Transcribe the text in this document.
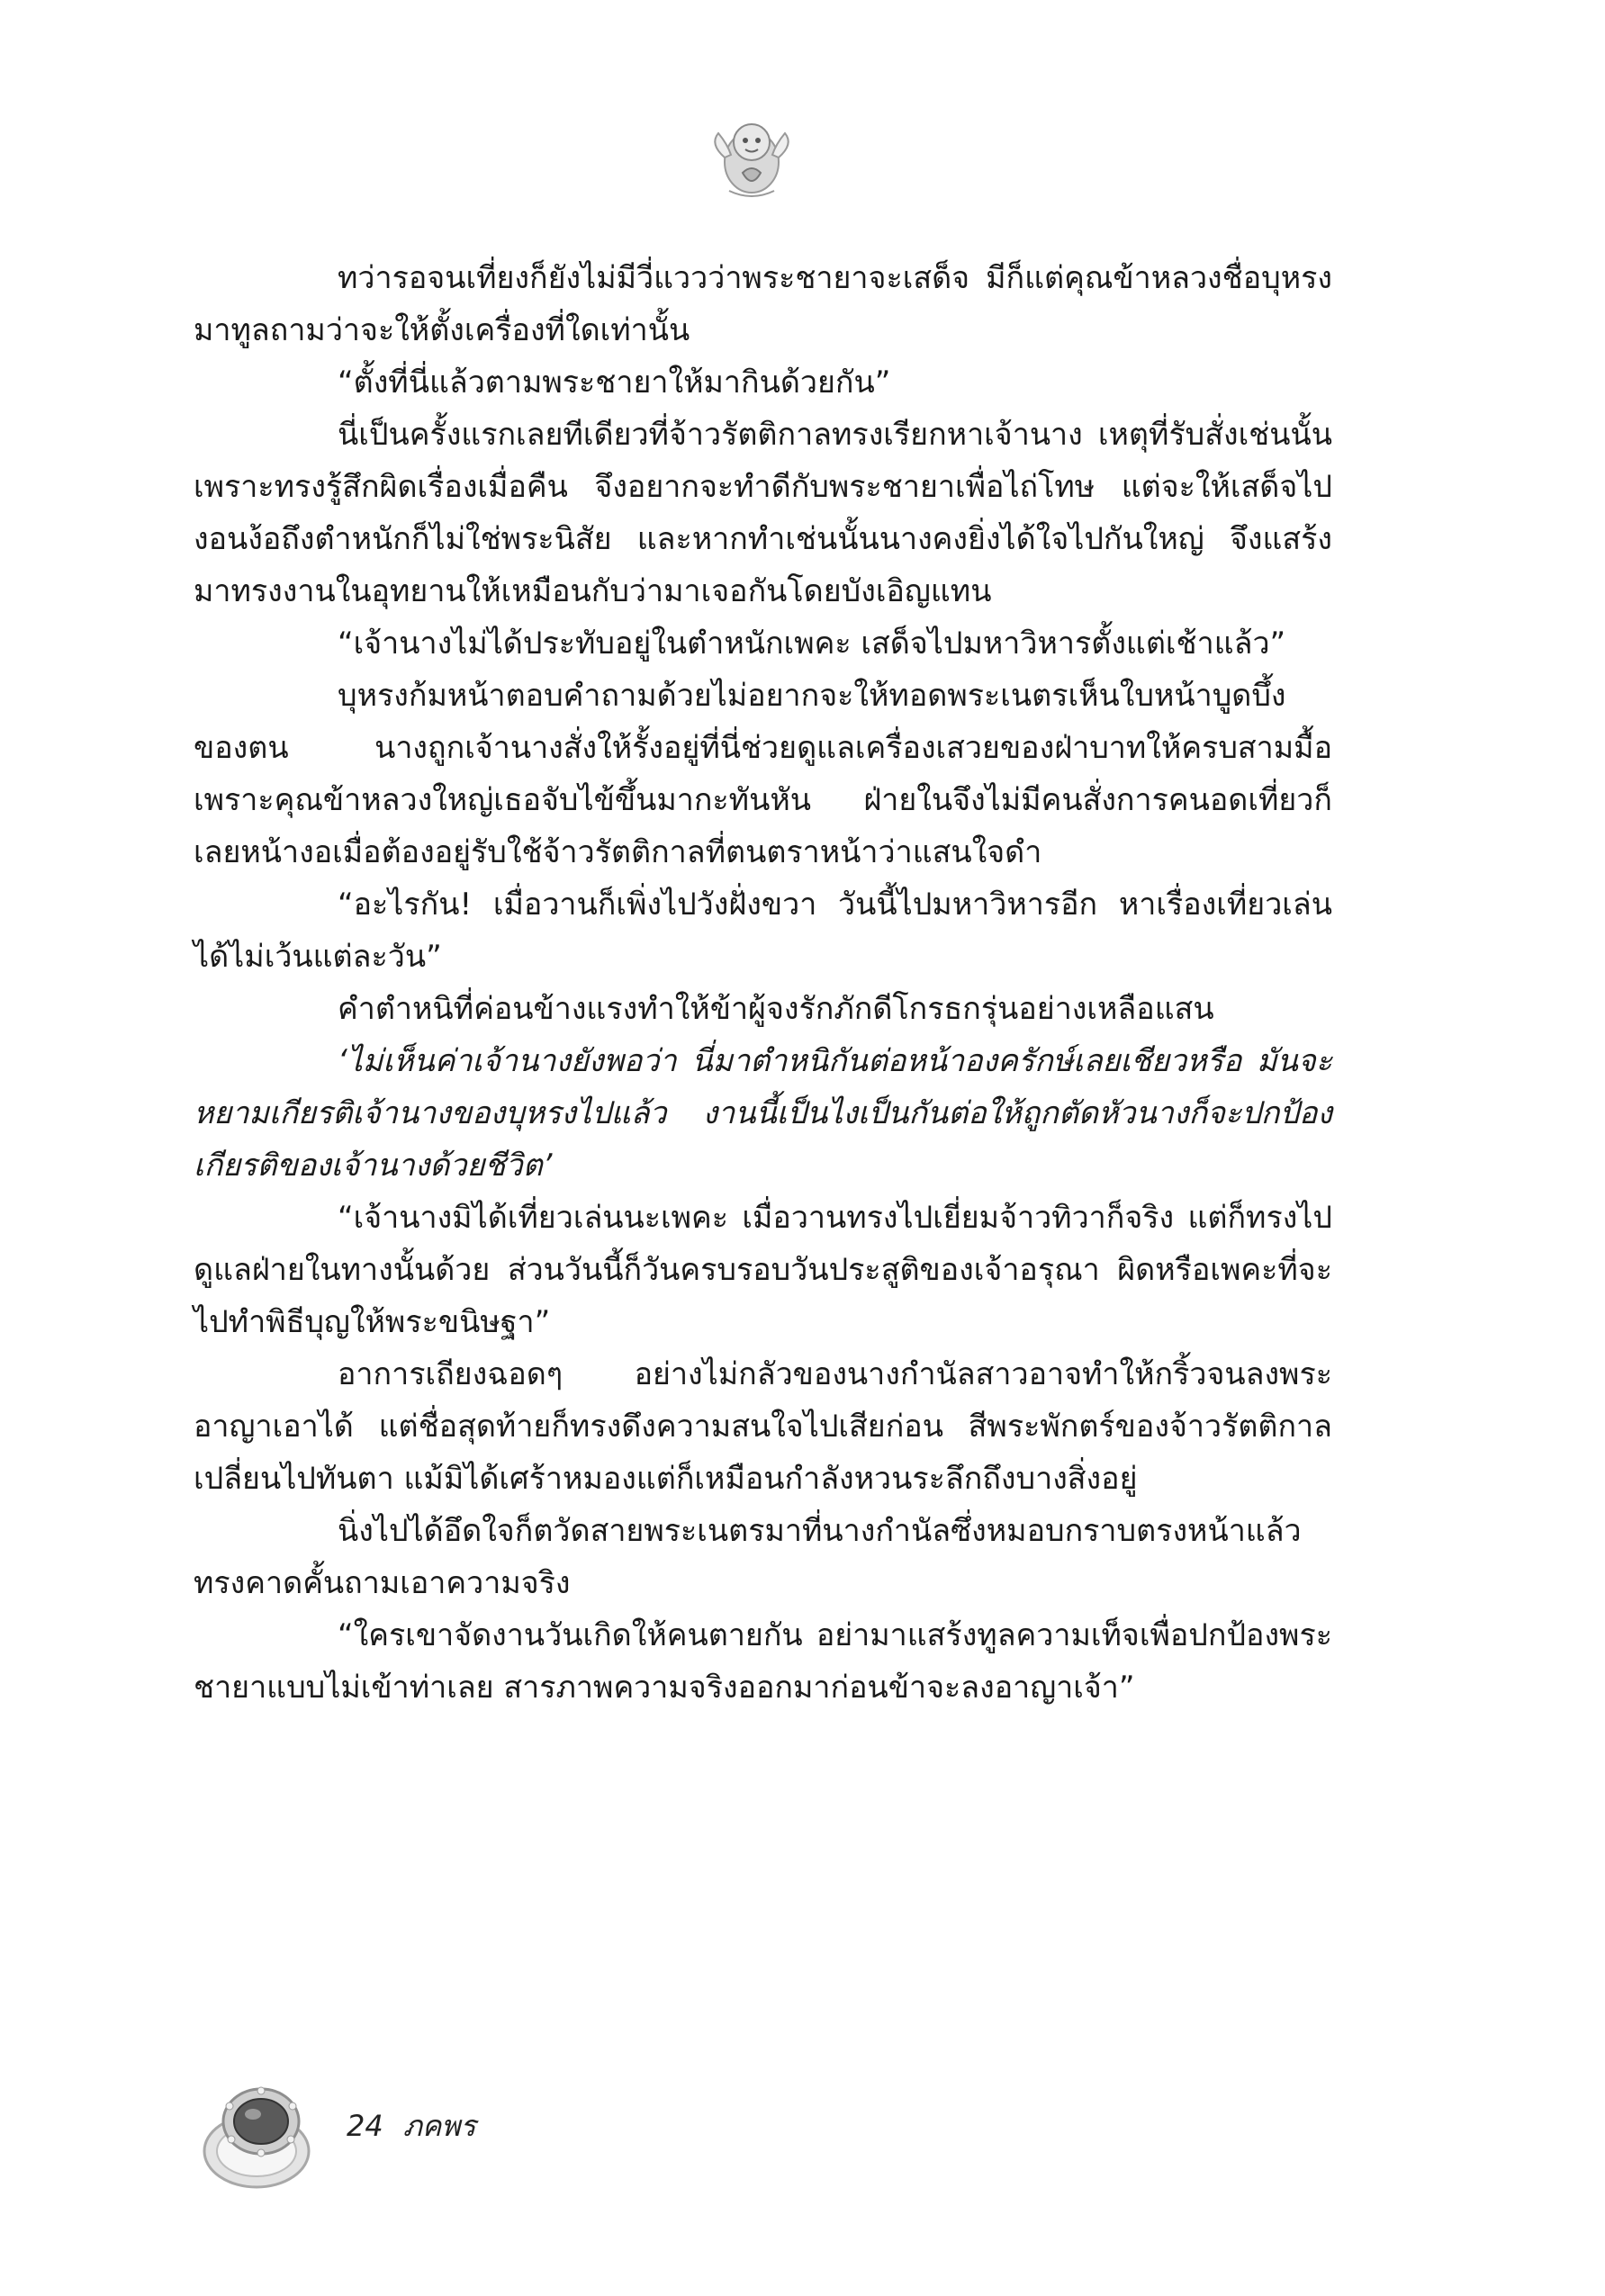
ทว่ารอจนเที่ยงก็ยังไม่มีวี่แววว่าพระชายาจะเสด็จ มีก็แต่คุณข้าหลวงชื่อบุหรงมาทูลถามว่าจะให้ตั้งเครื่องที่ใดเท่านั้น

“ตั้งที่นี่แล้วตามพระชายาให้มากินด้วยกัน”

นี่เป็นครั้งแรกเลยทีเดียวที่จ้าวรัตติกาลทรงเรียกหาเจ้านาง เหตุที่รับสั่งเช่นนั้นเพราะทรงรู้สึกผิดเรื่องเมื่อคืน จึงอยากจะทำดีกับพระชายาเพื่อไถ่โทษ แต่จะให้เสด็จไปงอนง้อถึงตำหนักก็ไม่ใช่พระนิสัย และหากทำเช่นนั้นนางคงยิ่งได้ใจไปกันใหญ่ จึงแสร้งมาทรงงานในอุทยานให้เหมือนกับว่ามาเจอกันโดยบังเอิญแทน

“เจ้านางไม่ได้ประทับอยู่ในตำหนักเพคะ เสด็จไปมหาวิหารตั้งแต่เช้าแล้ว”

บุหรงก้มหน้าตอบคำถามด้วยไม่อยากจะให้ทอดพระเนตรเห็นใบหน้าบูดบึ้งของตน นางถูกเจ้านางสั่งให้รั้งอยู่ที่นี่ช่วยดูแลเครื่องเสวยของฝ่าบาทให้ครบสามมื้อ เพราะคุณข้าหลวงใหญ่เธอจับไข้ขึ้นมากะทันหัน ฝ่ายในจึงไม่มีคนสั่งการคนอดเที่ยวก็เลยหน้างอเมื่อต้องอยู่รับใช้จ้าวรัตติกาลที่ตนตราหน้าว่าแสนใจดำ

“อะไรกัน! เมื่อวานก็เพิ่งไปวังฝั่งขวา วันนี้ไปมหาวิหารอีก หาเรื่องเที่ยวเล่นได้ไม่เว้นแต่ละวัน”

คำตำหนิที่ค่อนข้างแรงทำให้ข้าผู้จงรักภักดีโกรธกรุ่นอย่างเหลือแสน

‘ไม่เห็นค่าเจ้านางยังพอว่า นี่มาตำหนิกันต่อหน้าองครักษ์เลยเชียวหรือ มันจะหยามเกียรติเจ้านางของบุหรงไปแล้ว งานนี้เป็นไงเป็นกันต่อให้ถูกตัดหัวนางก็จะปกป้องเกียรติของเจ้านางด้วยชีวิต’

“เจ้านางมิได้เที่ยวเล่นนะเพคะ เมื่อวานทรงไปเยี่ยมจ้าวทิวาก็จริง แต่ก็ทรงไปดูแลฝ่ายในทางนั้นด้วย ส่วนวันนี้ก็วันครบรอบวันประสูติของเจ้าอรุณา ผิดหรือเพคะที่จะไปทำพิธีบุญให้พระขนิษฐา”

อาการเถียงฉอดๆ อย่างไม่กลัวของนางกำนัลสาวอาจทำให้กริ้วจนลงพระอาญาเอาได้ แต่ชื่อสุดท้ายก็ทรงดึงความสนใจไปเสียก่อน สีพระพักตร์ของจ้าวรัตติกาลเปลี่ยนไปทันตา แม้มิได้เศร้าหมองแต่ก็เหมือนกำลังหวนระลึกถึงบางสิ่งอยู่

นิ่งไปได้อึดใจก็ตวัดสายพระเนตรมาที่นางกำนัลซึ่งหมอบกราบตรงหน้าแล้วทรงคาดคั้นถามเอาความจริง

“ใครเขาจัดงานวันเกิดให้คนตายกัน อย่ามาแสร้งทูลความเท็จเพื่อปกป้องพระชายาแบบไม่เข้าท่าเลย สารภาพความจริงออกมาก่อนข้าจะลงอาญาเจ้า”

24 ภคพร
